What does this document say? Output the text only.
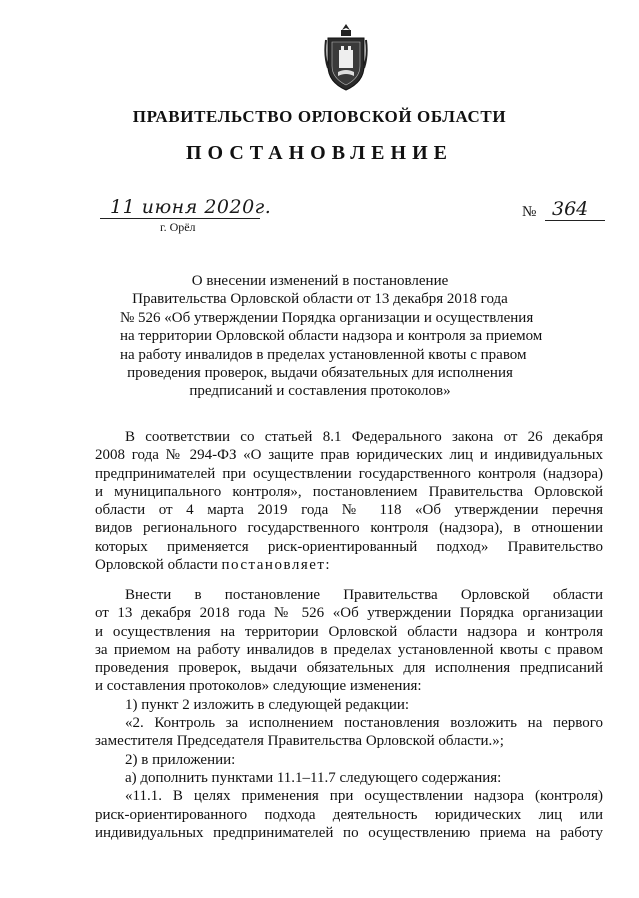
ПРАВИТЕЛЬСТВО ОРЛОВСКОЙ ОБЛАСТИ
ПОСТАНОВЛЕНИЕ
11 июня 2020г.
г. Орёл
№ 364
О внесении изменений в постановление
Правительства Орловской области от 13 декабря 2018 года
№ 526 «Об утверждении Порядка организации и осуществления
на территории Орловской области надзора и контроля за приемом
на работу инвалидов в пределах установленной квоты с правом
проведения проверок, выдачи обязательных для исполнения
предписаний и составления протоколов»
В соответствии со статьей 8.1 Федерального закона от 26 декабря
2008 года № 294-ФЗ «О защите прав юридических лиц и индивидуальных
предпринимателей при осуществлении государственного контроля (надзора)
и муниципального контроля», постановлением Правительства Орловской
области от 4 марта 2019 года № 118 «Об утверждении перечня
видов регионального государственного контроля (надзора), в отношении
которых применяется риск-ориентированный подход» Правительство
Орловской области постановляет:
Внести в постановление Правительства Орловской области
от 13 декабря 2018 года № 526 «Об утверждении Порядка организации
и осуществления на территории Орловской области надзора и контроля
за приемом на работу инвалидов в пределах установленной квоты с правом
проведения проверок, выдачи обязательных для исполнения предписаний
и составления протоколов» следующие изменения:
1) пункт 2 изложить в следующей редакции:
«2. Контроль за исполнением постановления возложить на первого
заместителя Председателя Правительства Орловской области.»;
2) в приложении:
а) дополнить пунктами 11.1–11.7 следующего содержания:
«11.1. В целях применения при осуществлении надзора (контроля)
риск-ориентированного подхода деятельность юридических лиц или
индивидуальных предпринимателей по осуществлению приема на работу
